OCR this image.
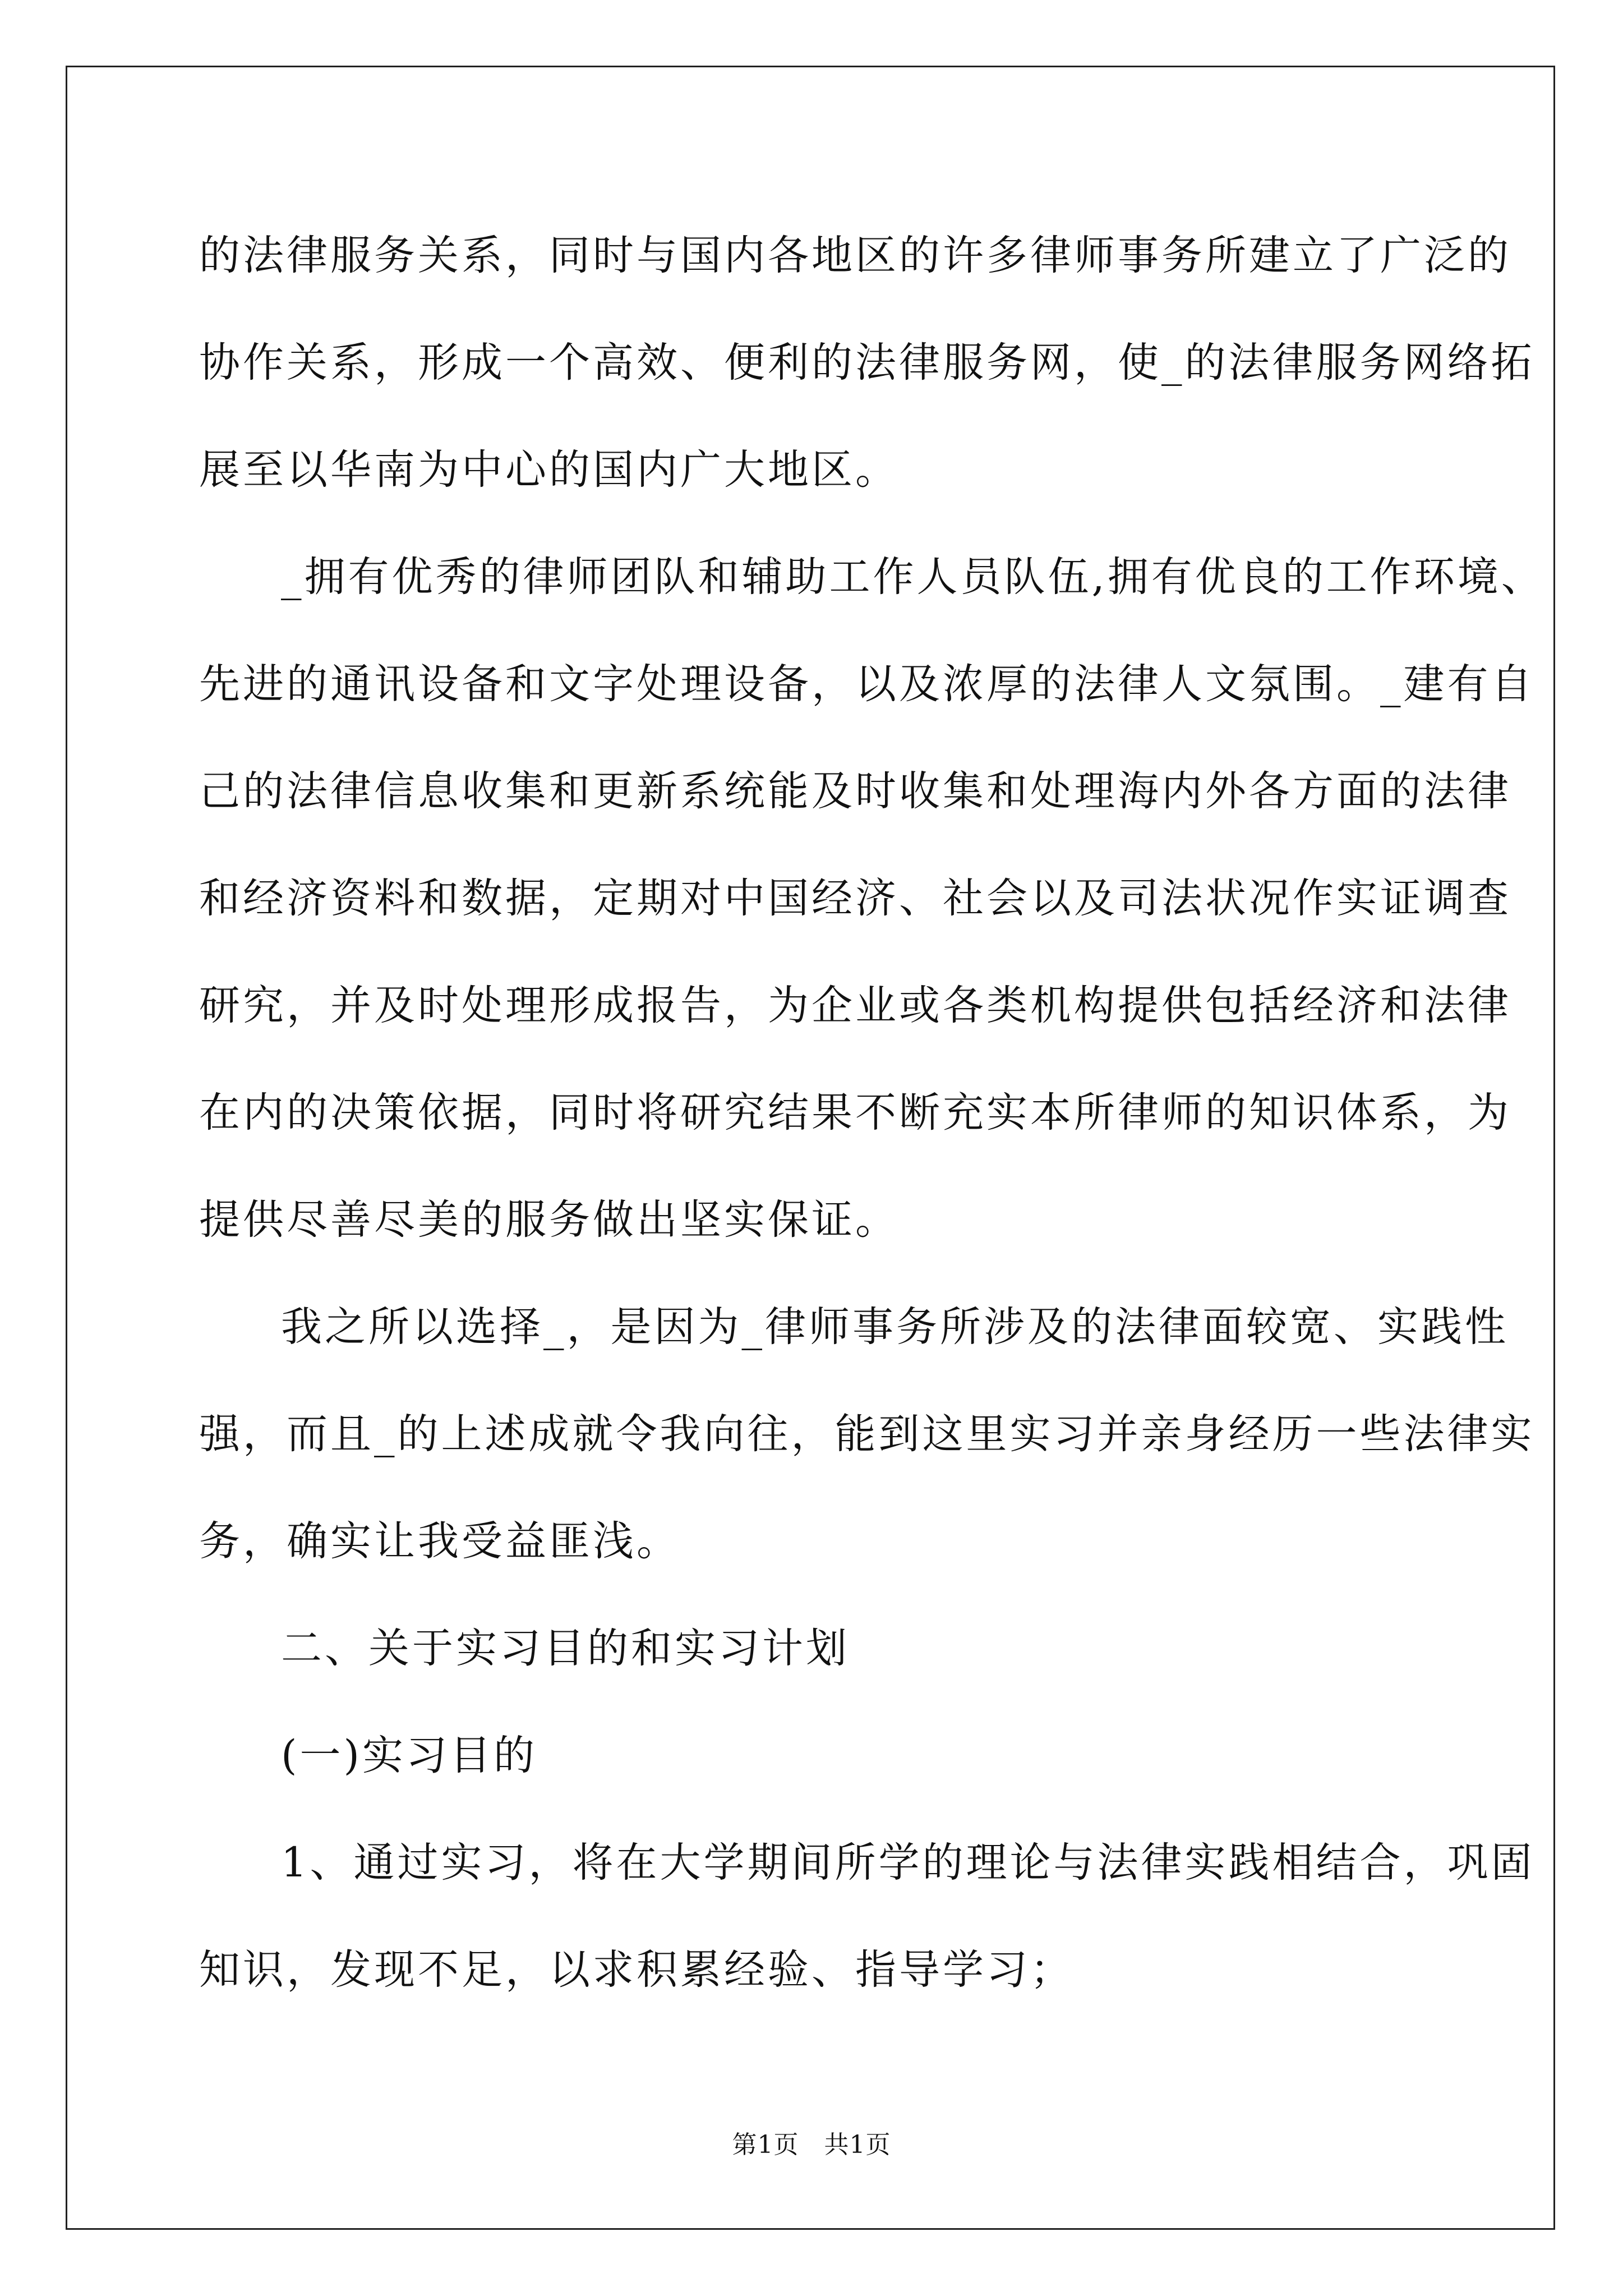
的法律服务关系，同时与国内各地区的许多律师事务所建立了广泛的
协作关系，形成一个高效、便利的法律服务网，使_的法律服务网络拓
展至以华南为中心的国内广大地区。

_拥有优秀的律师团队和辅助工作人员队伍,拥有优良的工作环境、
先进的通讯设备和文字处理设备，以及浓厚的法律人文氛围。_建有自
己的法律信息收集和更新系统能及时收集和处理海内外各方面的法律
和经济资料和数据，定期对中国经济、社会以及司法状况作实证调查
研究，并及时处理形成报告，为企业或各类机构提供包括经济和法律
在内的决策依据，同时将研究结果不断充实本所律师的知识体系，为
提供尽善尽美的服务做出坚实保证。

我之所以选择_，是因为_律师事务所涉及的法律面较宽、实践性
强，而且_的上述成就令我向往，能到这里实习并亲身经历一些法律实
务，确实让我受益匪浅。

二、关于实习目的和实习计划

(一)实习目的

1、通过实习，将在大学期间所学的理论与法律实践相结合，巩固
知识，发现不足，以求积累经验、指导学习；

第1页　共1页
